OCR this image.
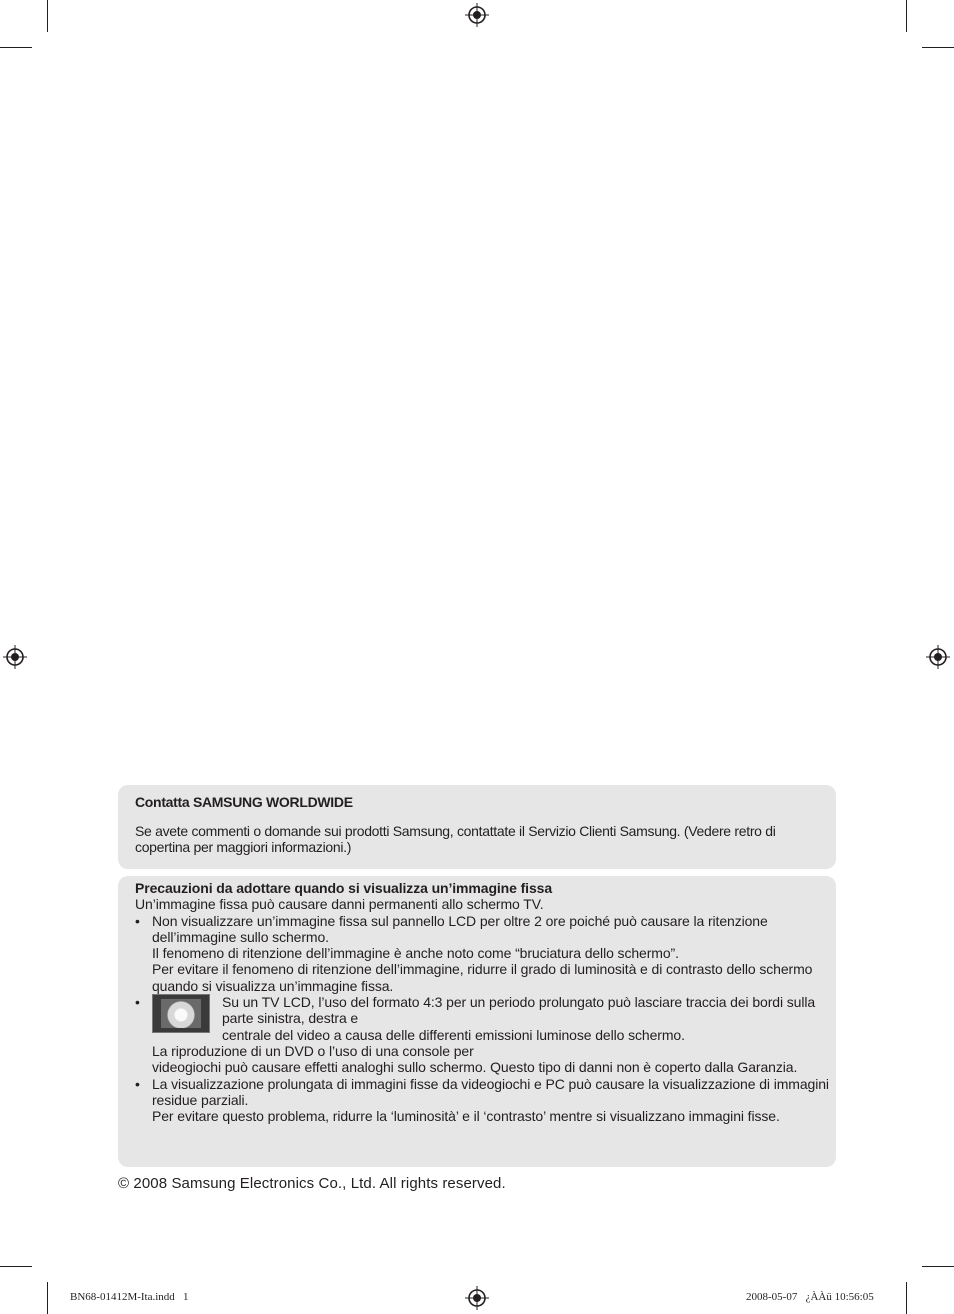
Contatta SAMSUNG WORLDWIDE
Se avete commenti o domande sui prodotti Samsung, contattate il Servizio Clienti Samsung. (Vedere retro di copertina per maggiori informazioni.)
Precauzioni da adottare quando si visualizza un’immagine fissa
Un’immagine fissa può causare danni permanenti allo schermo TV.
• Non visualizzare un’immagine fissa sul pannello LCD per oltre 2 ore poiché può causare la ritenzione dell’immagine sullo schermo.
Il fenomeno di ritenzione dell’immagine è anche noto come “bruciatura dello schermo”.
Per evitare il fenomeno di ritenzione dell’immagine, ridurre il grado di luminosità e di contrasto dello schermo quando si visualizza un’immagine fissa.
•	Su un TV LCD, l’uso del formato 4:3 per un periodo prolungato può lasciare traccia dei bordi sulla parte sinistra, destra e
centrale del video a causa delle differenti emissioni luminose dello schermo.
La riproduzione di un DVD o l’uso di una console per
videogiochi può causare effetti analoghi sullo schermo. Questo tipo di danni non è coperto dalla Garanzia.
• La visualizzazione prolungata di immagini fisse da videogiochi e PC può causare la visualizzazione di immagini residue parziali.
Per evitare questo problema, ridurre la ‘luminosità’ e il ‘contrasto’ mentre si visualizzano immagini fisse.
© 2008 Samsung Electronics Co., Ltd. All rights reserved.
BN68-01412M-Ita.indd   1	2008-05-07   ¿ÀÀü 10:56:05
